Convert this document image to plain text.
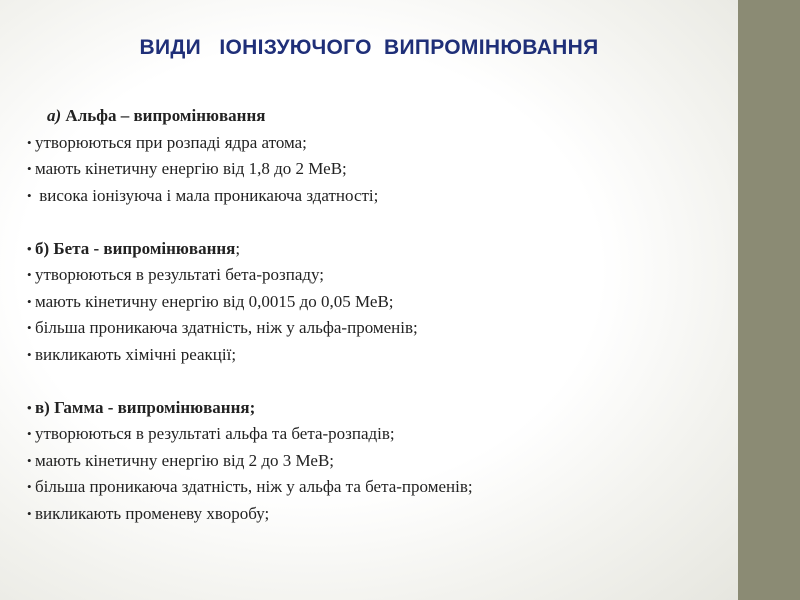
ВИДИ   ІОНІЗУЮЧОГО  ВИПРОМІНЮВАННЯ
а) Альфа – випромінювання
• утворюються при розпаді ядра атома;
• мають кінетичну енергію від 1,8 до 2 МеВ;
• висока іонізуюча і мала проникаюча здатності;
• б) Бета - випромінювання;
• утворюються в результаті бета-розпаду;
• мають кінетичну енергію від 0,0015 до 0,05 МеВ;
• більша проникаюча здатність, ніж у альфа-променів;
• викликають хімічні реакції;
• в) Гамма - випромінювання;
• утворюються в результаті альфа та бета-розпадів;
• мають кінетичну енергію від 2 до 3 МеВ;
• більша проникаюча здатність, ніж у альфа та бета-променів;
• викликають променеву хворобу;
